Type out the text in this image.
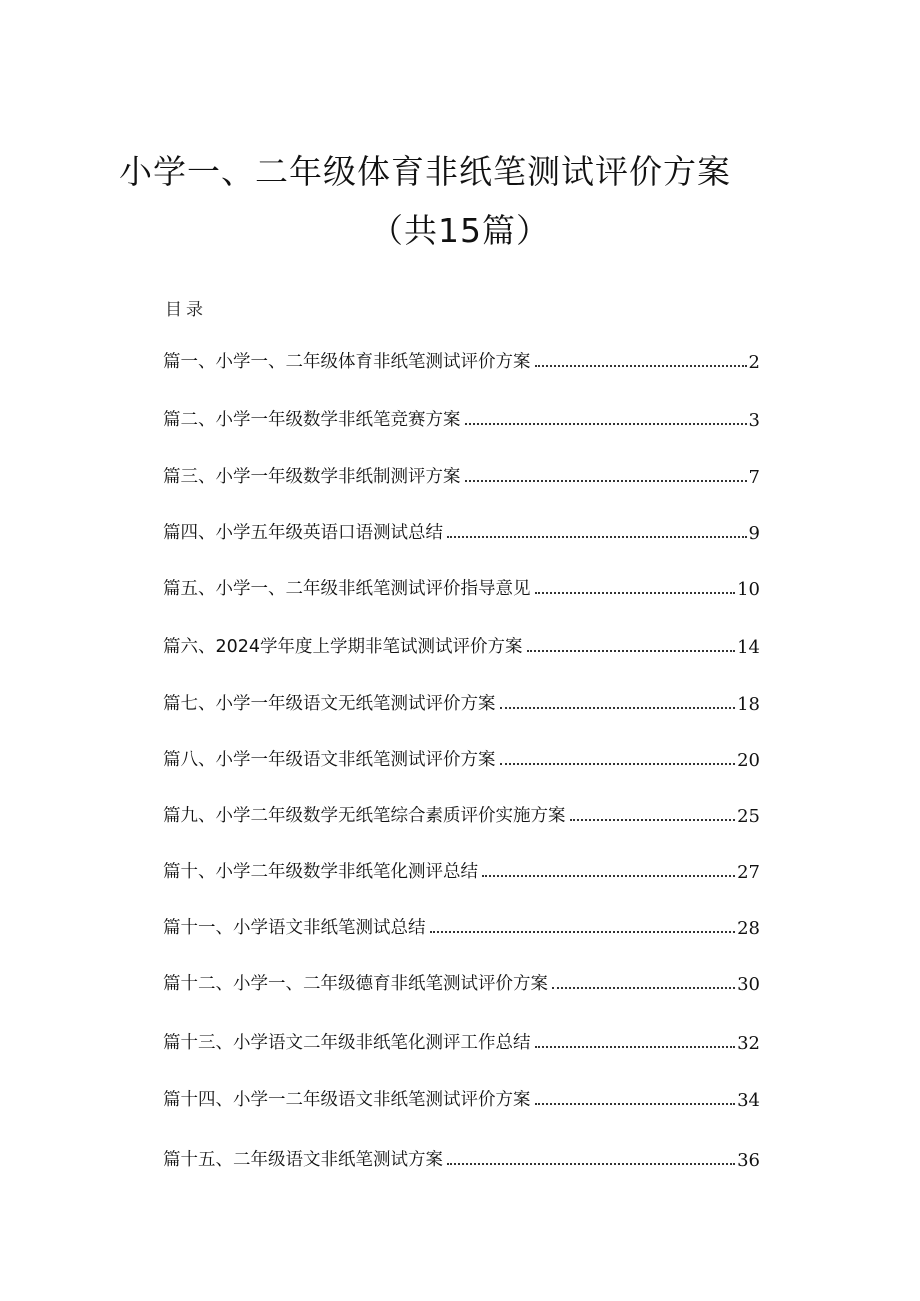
小学一、二年级体育非纸笔测试评价方案
（共15篇）
目录
篇一、小学一、二年级体育非纸笔测试评价方案	2
篇二、小学一年级数学非纸笔竞赛方案	3
篇三、小学一年级数学非纸制测评方案	7
篇四、小学五年级英语口语测试总结	9
篇五、小学一、二年级非纸笔测试评价指导意见	10
篇六、2024学年度上学期非笔试测试评价方案	14
篇七、小学一年级语文无纸笔测试评价方案	18
篇八、小学一年级语文非纸笔测试评价方案	20
篇九、小学二年级数学无纸笔综合素质评价实施方案	25
篇十、小学二年级数学非纸笔化测评总结	27
篇十一、小学语文非纸笔测试总结	28
篇十二、小学一、二年级德育非纸笔测试评价方案	30
篇十三、小学语文二年级非纸笔化测评工作总结	32
篇十四、小学一二年级语文非纸笔测试评价方案	34
篇十五、二年级语文非纸笔测试方案	36
